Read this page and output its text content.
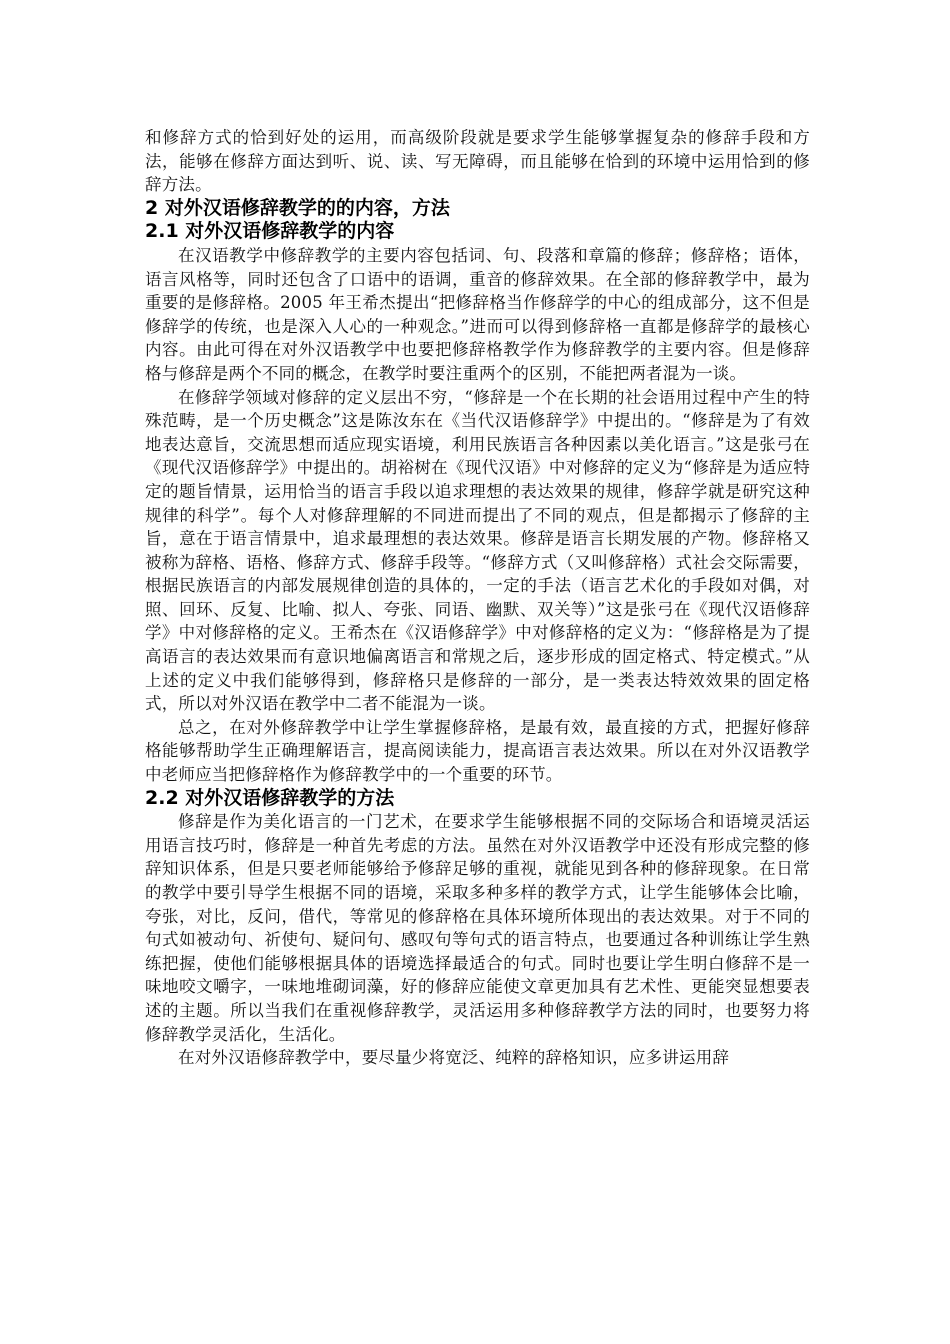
和修辞方式的恰到好处的运用，而高级阶段就是要求学生能够掌握复杂的修辞手段和方法，能够在修辞方面达到听、说、读、写无障碍，而且能够在恰到的环境中运用恰到的修辞方法。

2 对外汉语修辞教学的的内容，方法
2.1 对外汉语修辞教学的内容

在汉语教学中修辞教学的主要内容包括词、句、段落和章篇的修辞；修辞格；语体，语言风格等，同时还包含了口语中的语调，重音的修辞效果。在全部的修辞教学中，最为重要的是修辞格。2005 年王希杰提出“把修辞格当作修辞学的中心的组成部分，这不但是修辞学的传统，也是深入人心的一种观念。”进而可以得到修辞格一直都是修辞学的最核心内容。由此可得在对外汉语教学中也要把修辞格教学作为修辞教学的主要内容。但是修辞格与修辞是两个不同的概念，在教学时要注重两个的区别，不能把两者混为一谈。

在修辞学领域对修辞的定义层出不穷，“修辞是一个在长期的社会语用过程中产生的特殊范畴，是一个历史概念”这是陈汝东在《当代汉语修辞学》中提出的。“修辞是为了有效地表达意旨，交流思想而适应现实语境，利用民族语言各种因素以美化语言。”这是张弓在《现代汉语修辞学》中提出的。胡裕树在《现代汉语》中对修辞的定义为“修辞是为适应特定的题旨情景，运用恰当的语言手段以追求理想的表达效果的规律，修辞学就是研究这种规律的科学”。每个人对修辞理解的不同进而提出了不同的观点，但是都揭示了修辞的主旨，意在于语言情景中，追求最理想的表达效果。修辞是语言长期发展的产物。修辞格又被称为辞格、语格、修辞方式、修辞手段等。“修辞方式（又叫修辞格）式社会交际需要，根据民族语言的内部发展规律创造的具体的，一定的手法（语言艺术化的手段如对偶，对照、回环、反复、比喻、拟人、夸张、同语、幽默、双关等）”这是张弓在《现代汉语修辞学》中对修辞格的定义。王希杰在《汉语修辞学》中对修辞格的定义为：“修辞格是为了提高语言的表达效果而有意识地偏离语言和常规之后，逐步形成的固定格式、特定模式。”从上述的定义中我们能够得到，修辞格只是修辞的一部分，是一类表达特效效果的固定格式，所以对外汉语在教学中二者不能混为一谈。

总之，在对外修辞教学中让学生掌握修辞格，是最有效，最直接的方式，把握好修辞格能够帮助学生正确理解语言，提高阅读能力，提高语言表达效果。所以在对外汉语教学中老师应当把修辞格作为修辞教学中的一个重要的环节。

2.2 对外汉语修辞教学的方法

修辞是作为美化语言的一门艺术，在要求学生能够根据不同的交际场合和语境灵活运用语言技巧时，修辞是一种首先考虑的方法。虽然在对外汉语教学中还没有形成完整的修辞知识体系，但是只要老师能够给予修辞足够的重视，就能见到各种的修辞现象。在日常的教学中要引导学生根据不同的语境，采取多种多样的教学方式，让学生能够体会比喻，夸张，对比，反问，借代，等常见的修辞格在具体环境所体现出的表达效果。对于不同的句式如被动句、祈使句、疑问句、感叹句等句式的语言特点，也要通过各种训练让学生熟练把握，使他们能够根据具体的语境选择最适合的句式。同时也要让学生明白修辞不是一味地咬文嚼字，一味地堆砌词藻，好的修辞应能使文章更加具有艺术性、更能突显想要表述的主题。所以当我们在重视修辞教学，灵活运用多种修辞教学方法的同时，也要努力将修辞教学灵活化，生活化。

在对外汉语修辞教学中，要尽量少将宽泛、纯粹的辞格知识，应多讲运用辞
